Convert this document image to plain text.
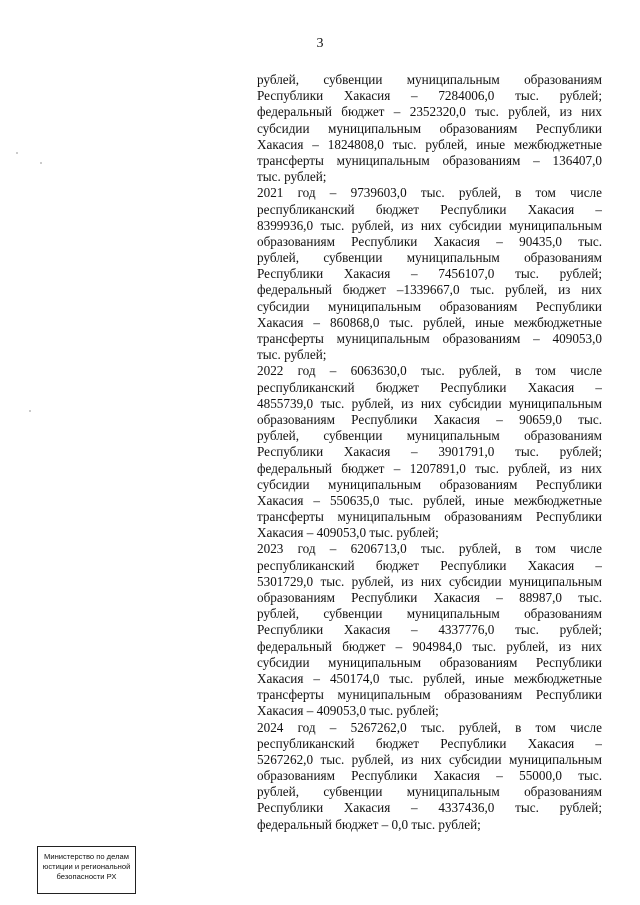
3
рублей, субвенции муниципальным образованиям
Республики Хакасия – 7284006,0 тыс. рублей;
федеральный бюджет – 2352320,0 тыс. рублей, из них
субсидии муниципальным образованиям Республики
Хакасия – 1824808,0 тыс. рублей, иные межбюджетные
трансферты муниципальным образованиям – 136407,0
тыс. рублей;
2021 год – 9739603,0 тыс. рублей, в том числе
республиканский бюджет Республики Хакасия –
8399936,0 тыс. рублей, из них субсидии муниципальным
образованиям Республики Хакасия – 90435,0 тыс.
рублей, субвенции муниципальным образованиям
Республики Хакасия – 7456107,0 тыс. рублей;
федеральный бюджет –1339667,0 тыс. рублей, из них
субсидии муниципальным образованиям Республики
Хакасия – 860868,0 тыс. рублей, иные межбюджетные
трансферты муниципальным образованиям – 409053,0
тыс. рублей;
2022 год – 6063630,0 тыс. рублей, в том числе
республиканский бюджет Республики Хакасия –
4855739,0 тыс. рублей, из них субсидии муниципальным
образованиям Республики Хакасия – 90659,0 тыс.
рублей, субвенции муниципальным образованиям
Республики Хакасия – 3901791,0 тыс. рублей;
федеральный бюджет – 1207891,0 тыс. рублей, из них
субсидии муниципальным образованиям Республики
Хакасия – 550635,0 тыс. рублей, иные межбюджетные
трансферты муниципальным образованиям Республики
Хакасия – 409053,0 тыс. рублей;
2023 год – 6206713,0 тыс. рублей, в том числе
республиканский бюджет Республики Хакасия –
5301729,0 тыс. рублей, из них субсидии муниципальным
образованиям Республики Хакасия – 88987,0 тыс.
рублей, субвенции муниципальным образованиям
Республики Хакасия – 4337776,0 тыс. рублей;
федеральный бюджет – 904984,0 тыс. рублей, из них
субсидии муниципальным образованиям Республики
Хакасия – 450174,0 тыс. рублей, иные межбюджетные
трансферты муниципальным образованиям Республики
Хакасия – 409053,0 тыс. рублей;
2024 год – 5267262,0 тыс. рублей, в том числе
республиканский бюджет Республики Хакасия –
5267262,0 тыс. рублей, из них субсидии муниципальным
образованиям Республики Хакасия – 55000,0 тыс.
рублей, субвенции муниципальным образованиям
Республики Хакасия – 4337436,0 тыс. рублей;
федеральный бюджет – 0,0 тыс. рублей;
Министерство по делам
юстиции и региональной
безопасности РХ
